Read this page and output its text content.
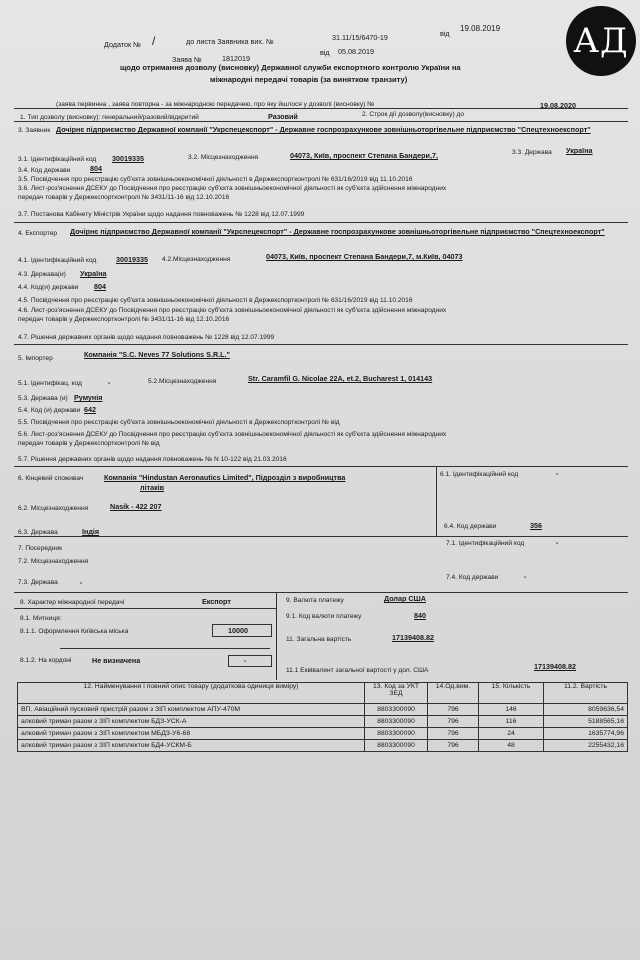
АД
Додаток № /	до листа Заявника вих. №	31.11/15/6470-19	від
19.08.2019
Заява №	1812019
від 05.08.2019
щодо отримання дозволу (висновку) Державної служби експортного контролю України на
міжнародні передачі товарів (за винятком транзиту)
(заява первинна , заява повторна - за міжнародною передачею, про яку йшлося у дозволі (висновку) №
1. Тип дозволу (висновку): генеральний/разовий/відкритий	Разовий	2. Строк дії дозволу(висновку) до
19.08.2020
3. Заявник Дочірнє підприємство Державної компанії "Укрспецекспорт" - Державне госпрозрахункове зовнішньоторгівельне підприємство "Спецтехноекспорт"
3.1. Ідентифікаційний код 30019335	3.2. Місцезнаходження	04073, Київ, проспект Степана Бандери,7,	3.3. Держава Україна
3.4. Код держави	804
3.5. Посвідчення про реєстрацію суб'єкта зовнішньоекономічної діяльності в Держекспортконтролі № 631/16/2019 від 11.10.2016
3.6. Лист-роз'яснення ДСЕКУ до Посвідчення про реєстрацію суб'єкта зовнішньоекономічної діяльності як суб'єкта здійснення міжнародних
передач товарів у Держекспортконтролі № 3431/11-16 від 12.10.2016
3.7. Постанова Кабінету Міністрів України щодо надання повноважень № 1228 від 12.07.1999
4. Експортер Дочірнє підприємство Державної компанії "Укрспецекспорт" - Державне госпрозрахункове зовнішньоторгівельне підприємство "Спецтехноекспорт"
4.1. Ідентифікаційний код	30019335 4.2.Місцезнаходження	04073, Київ, проспект Степана Бандери,7, м.Київ, 04073
4.3. Держава(и) Україна
4.4. Код(и) держави 804
4.5. Посвідчення про реєстрацію суб'єкта зовнішньоекономічної діяльності в Держекспортконтролі № 631/16/2019 від 11.10.2016
4.6. Лист-роз'яснення ДСЕКУ до Посвідчення про реєстрацію суб'єкта зовнішньоекономічної діяльності як суб'єкта здійснення міжнародних
передач товарів у Держекспортконтролі № 3431/11-16 від 12.10.2016
4.7. Рішення державних органів щодо надання повноважень № 1228 від 12.07.1999
5. Імпортер	Компанія "S.C. Neves 77 Solutions S.R.L."
5.1. Ідентифікац. код	-	5.2.Місцезнаходження	Str. Caramfil G. Nicolae 22A, et.2, Bucharest 1, 014143
5.3. Держава (и) Румунія
5.4. Код (и) держави 642
5.5. Посвідчення про реєстрацію суб'єкта зовнішньоекономічної діяльності в Держекспортконтролі № від
5.6. Лист-роз'яснення ДСЕКУ до Посвідчення про реєстрацію суб'єкта зовнішньоекономічної діяльності як суб'єкта здійснення міжнародних
передач товарів у Держекспортконтролі № від
5.7. Рішення державних органів щодо надання повноважень № N 10-122 від 21.03.2016
6. Кінцевий споживач	Компанія "Hindustan Aeronautics Limited", Підрозділ з виробництва
літаків
6.1. Ідентифікаційний код	-
6.2. Місцезнаходження	Nasik - 422 207
6.3. Держава	Індія
6.4. Код держави	356
7. Посередник
7.1. Ідентифікаційний код	-
7.2. Місцезнаходження
7.3. Держава	-
7.4. Код держави	-
8. Характер міжнародної передачі	Експорт
8.1. Митниця:
8.1.1. Оформлення Київська міська	10000
8.1.2. На кордоні	Не визначена	-
9. Валюта платежу	Долар США
9.1. Код валюти платежу	840
11. Загальна вартість	17139408.82
11.1 Еквівалент загальної вартості у дол. США	17139408.82
12. Найменування і повний опис товару (додаткова одиниця виміру)	13. Код за УКТ ЗЕД	14.Од.вим.	15. Кількість	11.2. Вартість
ВП. Авіаційний пусковий пристрій разом з ЗІП комплектом АПУ-470М	8803300090	796	146	8059636,54
алковий тримач разом з ЗІП комплектом БДЗ-УСК-А	8803300090	796	116	5188565,16
алковий тримач разом з ЗІП комплектом МБДЗ-У6-68	8803300090	796	24	1635774,96
алковий тримач разом з ЗІП комплектом БД4-УСКМ-Б	8803300090	796	48	2255432,16
